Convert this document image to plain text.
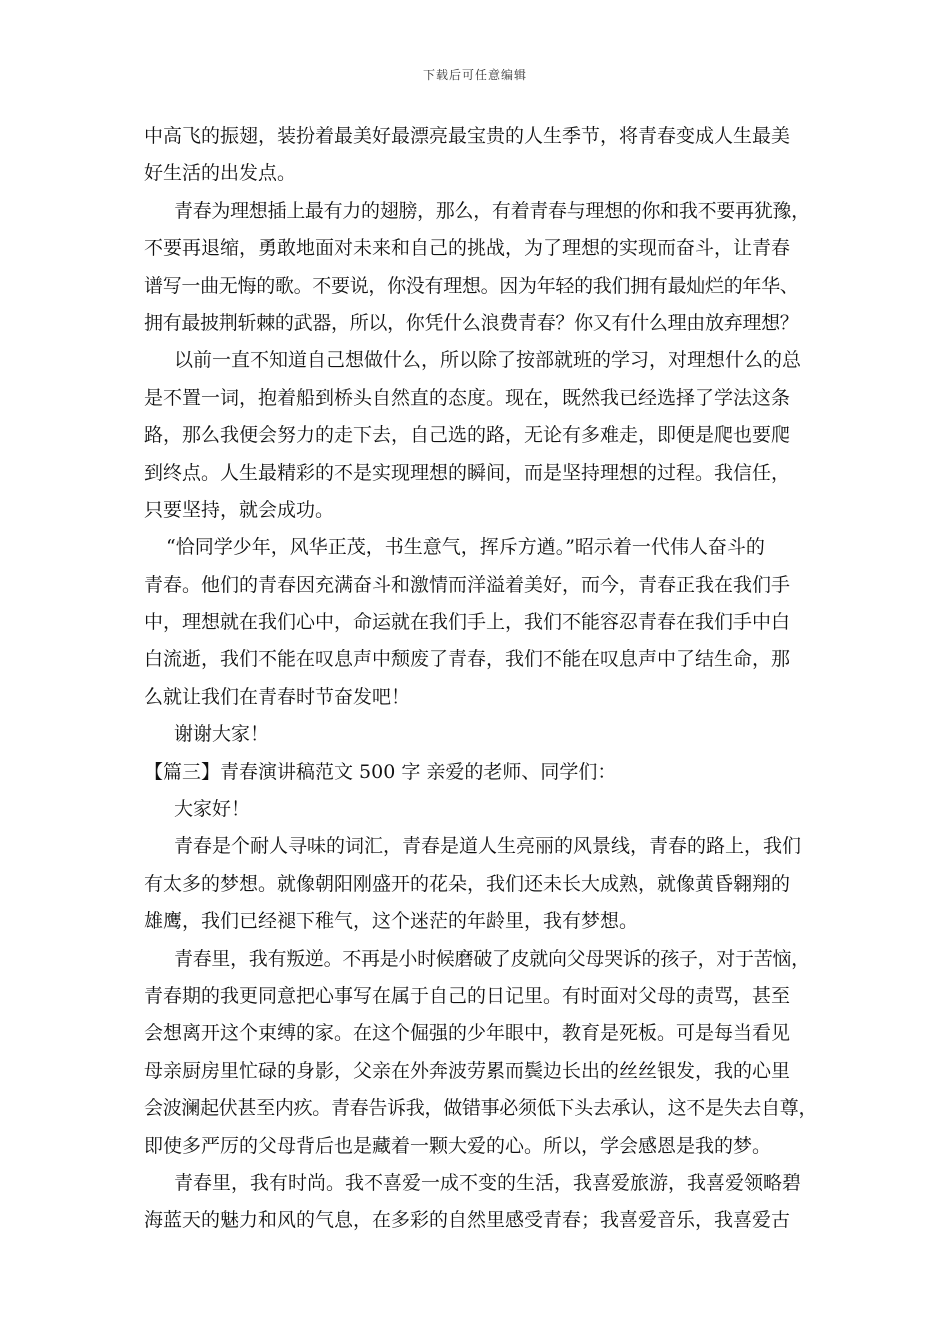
下载后可任意编辑
中高飞的振翅，装扮着最美好最漂亮最宝贵的人生季节，将青春变成人生最美
好生活的出发点。
青春为理想插上最有力的翅膀，那么，有着青春与理想的你和我不要再犹豫，
不要再退缩，勇敢地面对未来和自己的挑战，为了理想的实现而奋斗，让青春
谱写一曲无悔的歌。不要说，你没有理想。因为年轻的我们拥有最灿烂的年华、
拥有最披荆斩棘的武器，所以，你凭什么浪费青春？你又有什么理由放弃理想？
以前一直不知道自己想做什么，所以除了按部就班的学习，对理想什么的总
是不置一词，抱着船到桥头自然直的态度。现在，既然我已经选择了学法这条
路，那么我便会努力的走下去，自己选的路，无论有多难走，即便是爬也要爬
到终点。人生最精彩的不是实现理想的瞬间，而是坚持理想的过程。我信任，
只要坚持，就会成功。
“恰同学少年，风华正茂，书生意气，挥斥方遒。”昭示着一代伟人奋斗的
青春。他们的青春因充满奋斗和激情而洋溢着美好，而今，青春正我在我们手
中，理想就在我们心中，命运就在我们手上，我们不能容忍青春在我们手中白
白流逝，我们不能在叹息声中颓废了青春，我们不能在叹息声中了结生命，那
么就让我们在青春时节奋发吧！
谢谢大家！
【篇三】青春演讲稿范文 500 字 亲爱的老师、同学们：
大家好！
青春是个耐人寻味的词汇，青春是道人生亮丽的风景线，青春的路上，我们
有太多的梦想。就像朝阳刚盛开的花朵，我们还未长大成熟，就像黄昏翱翔的
雄鹰，我们已经褪下稚气，这个迷茫的年龄里，我有梦想。
青春里，我有叛逆。不再是小时候磨破了皮就向父母哭诉的孩子，对于苦恼，
青春期的我更同意把心事写在属于自己的日记里。有时面对父母的责骂，甚至
会想离开这个束缚的家。在这个倔强的少年眼中，教育是死板。可是每当看见
母亲厨房里忙碌的身影，父亲在外奔波劳累而鬓边长出的丝丝银发，我的心里
会波澜起伏甚至内疚。青春告诉我，做错事必须低下头去承认，这不是失去自尊，
即使多严厉的父母背后也是藏着一颗大爱的心。所以，学会感恩是我的梦。
青春里，我有时尚。我不喜爱一成不变的生活，我喜爱旅游，我喜爱领略碧
海蓝天的魅力和风的气息，在多彩的自然里感受青春；我喜爱音乐，我喜爱古
